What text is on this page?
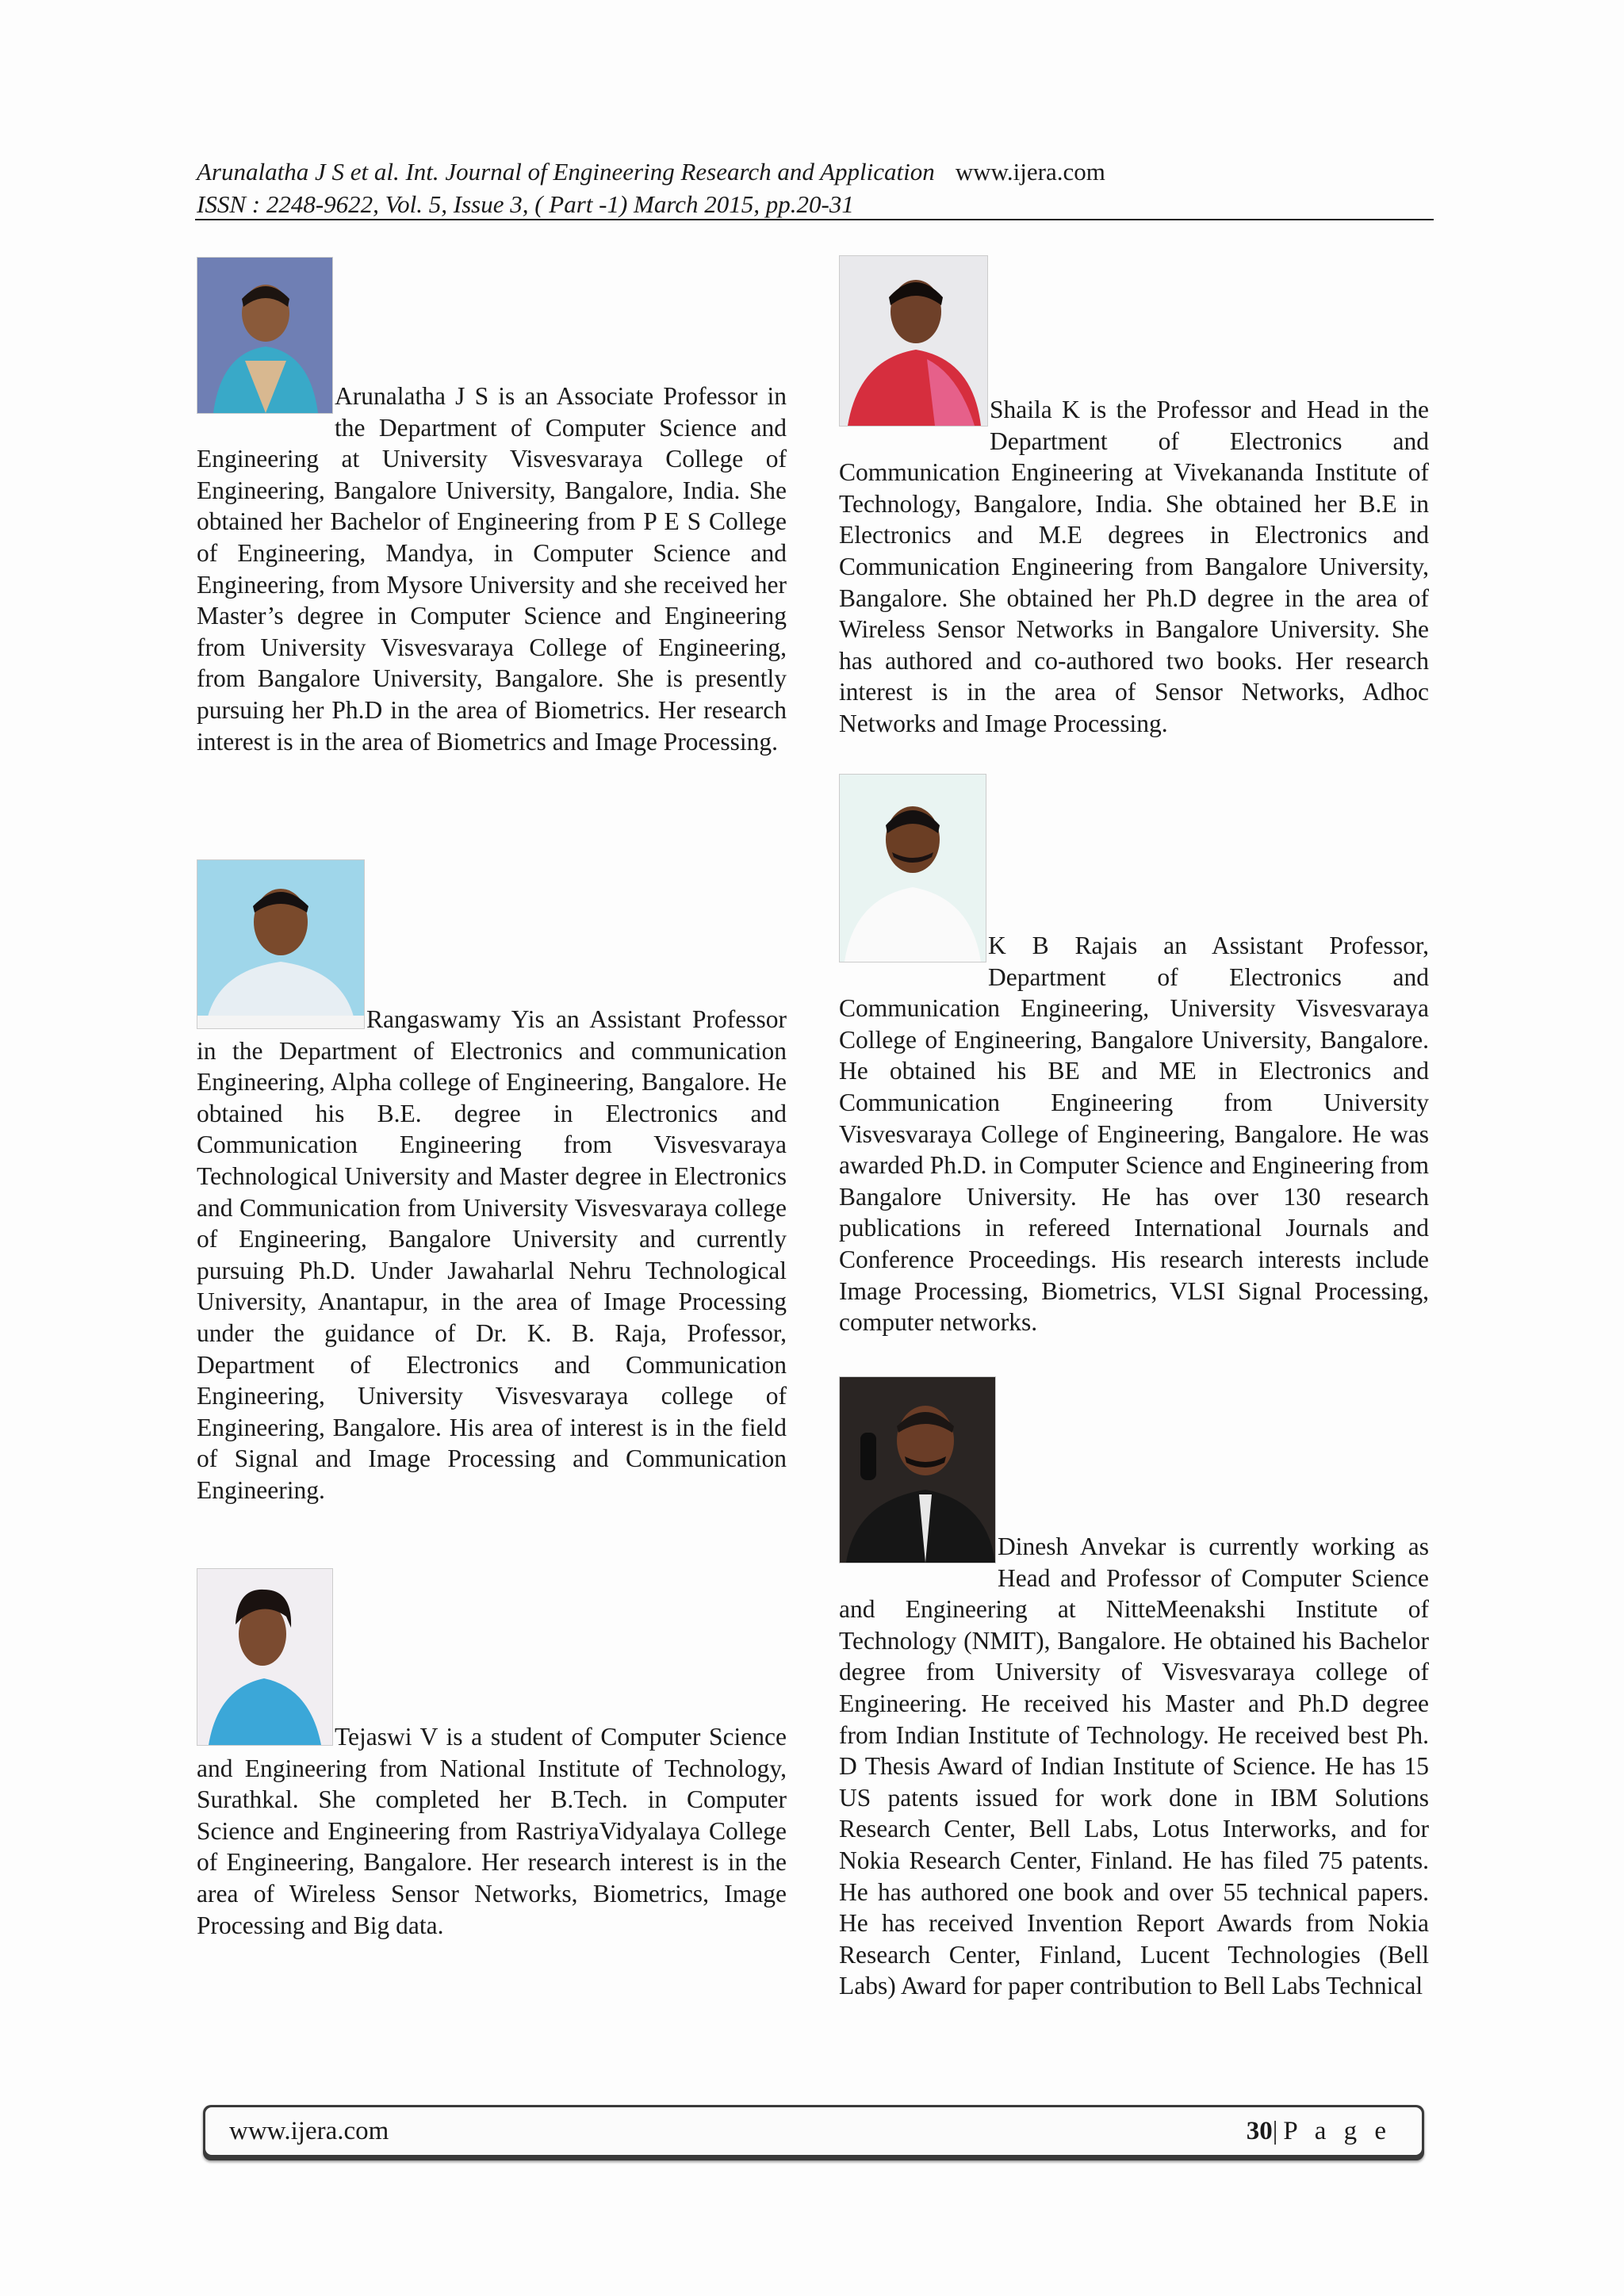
Arunalatha J S et al. Int. Journal of Engineering Research and Application www.ijera.com
ISSN : 2248-9622, Vol. 5, Issue 3, ( Part -1) March 2015, pp.20-31
Arunalatha J S is an Associate Professor in the Department of Computer Science and Engineering at University Visvesvaraya College of Engineering, Bangalore University, Bangalore, India. She obtained her Bachelor of Engineering from P E S College of Engineering, Mandya, in Computer Science and Engineering, from Mysore University and she received her Master’s degree in Computer Science and Engineering from University Visvesvaraya College of Engineering, from Bangalore University, Bangalore. She is presently pursuing her Ph.D in the area of Biometrics. Her research interest is in the area of Biometrics and Image Processing.
Rangaswamy Yis an Assistant Professor in the Department of Electronics and communication Engineering, Alpha college of Engineering, Bangalore. He obtained his B.E. degree in Electronics and Communication Engineering from Visvesvaraya Technological University and Master degree in Electronics and Communication from University Visvesvaraya college of Engineering, Bangalore University and currently pursuing Ph.D. Under Jawaharlal Nehru Technological University, Anantapur, in the area of Image Processing under the guidance of Dr. K. B. Raja, Professor, Department of Electronics and Communication Engineering, University Visvesvaraya college of Engineering, Bangalore. His area of interest is in the field of Signal and Image Processing and Communication Engineering.
Tejaswi V is a student of Computer Science and Engineering from National Institute of Technology, Surathkal. She completed her B.Tech. in Computer Science and Engineering from RastriyaVidyalaya College of Engineering, Bangalore. Her research interest is in the area of Wireless Sensor Networks, Biometrics, Image Processing and Big data.
Shaila K is the Professor and Head in the Department of Electronics and Communication Engineering at Vivekananda Institute of Technology, Bangalore, India. She obtained her B.E in Electronics and M.E degrees in Electronics and Communication Engineering from Bangalore University, Bangalore. She obtained her Ph.D degree in the area of Wireless Sensor Networks in Bangalore University. She has authored and co-authored two books. Her research interest is in the area of Sensor Networks, Adhoc Networks and Image Processing.
K B Rajais an Assistant Professor, Department of Electronics and Communication Engineering, University Visvesvaraya College of Engineering, Bangalore University, Bangalore. He obtained his BE and ME in Electronics and Communication Engineering from University Visvesvaraya College of Engineering, Bangalore. He was awarded Ph.D. in Computer Science and Engineering from Bangalore University. He has over 130 research publications in refereed International Journals and Conference Proceedings. His research interests include Image Processing, Biometrics, VLSI Signal Processing, computer networks.
Dinesh Anvekar is currently working as Head and Professor of Computer Science and Engineering at NitteMeenakshi Institute of Technology (NMIT), Bangalore. He obtained his Bachelor degree from University of Visvesvaraya college of Engineering. He received his Master and Ph.D degree from Indian Institute of Technology. He received best Ph. D Thesis Award of Indian Institute of Science. He has 15 US patents issued for work done in IBM Solutions Research Center, Bell Labs, Lotus Interworks, and for Nokia Research Center, Finland. He has filed 75 patents. He has authored one book and over 55 technical papers. He has received Invention Report Awards from Nokia Research Center, Finland, Lucent Technologies (Bell Labs) Award for paper contribution to Bell Labs Technical
www.ijera.com	30|P a g e
